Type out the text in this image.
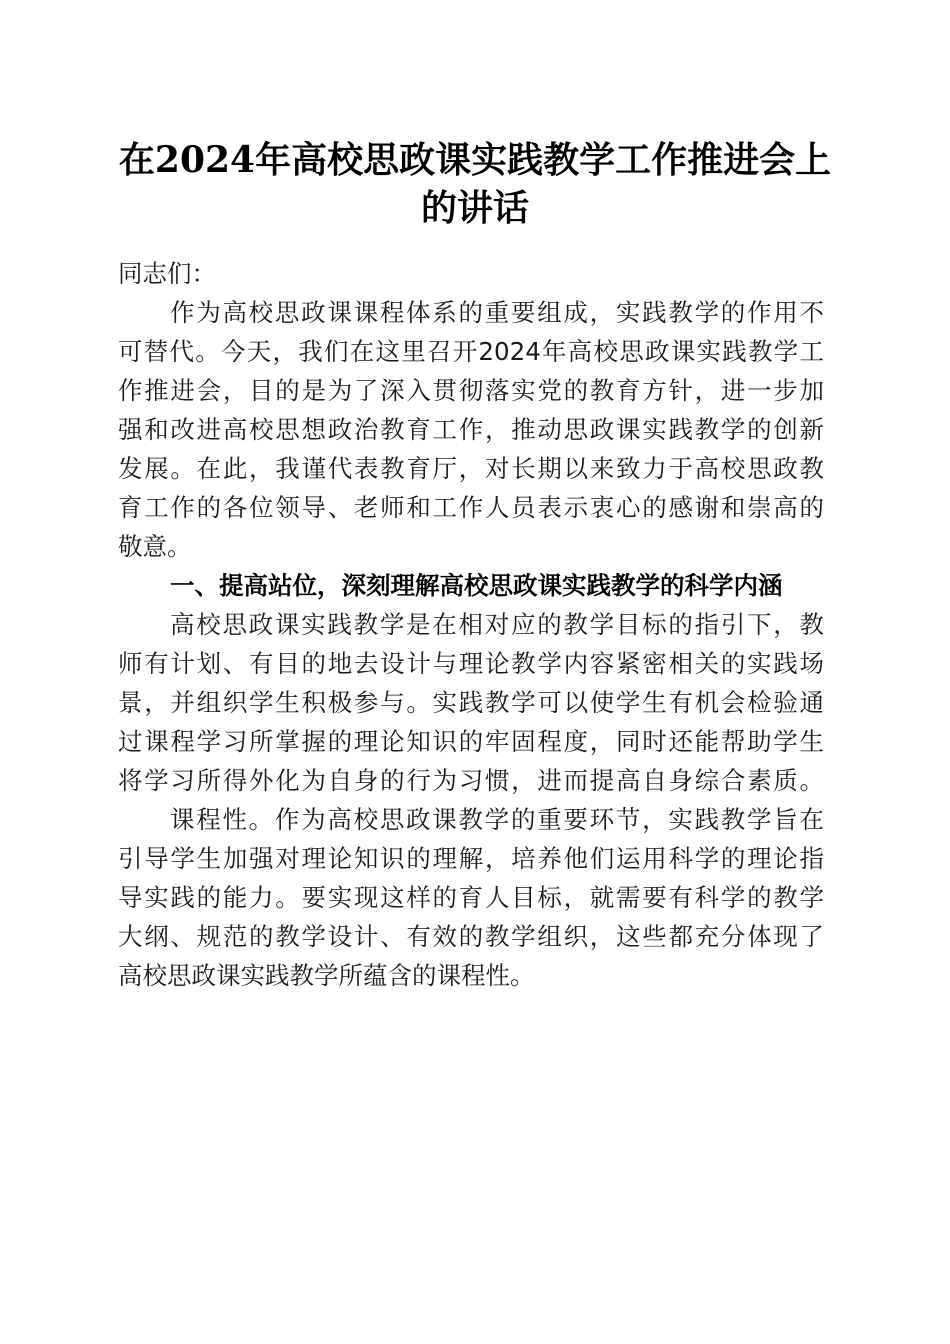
在2024年高校思政课实践教学工作推进会上
的讲话
同志们：
作为高校思政课课程体系的重要组成，实践教学的作用不
可替代。今天，我们在这里召开2024年高校思政课实践教学工
作推进会，目的是为了深入贯彻落实党的教育方针，进一步加
强和改进高校思想政治教育工作，推动思政课实践教学的创新
发展。在此，我谨代表教育厅，对长期以来致力于高校思政教
育工作的各位领导、老师和工作人员表示衷心的感谢和崇高的
敬意。
一、提高站位，深刻理解高校思政课实践教学的科学内涵
高校思政课实践教学是在相对应的教学目标的指引下，教
师有计划、有目的地去设计与理论教学内容紧密相关的实践场
景，并组织学生积极参与。实践教学可以使学生有机会检验通
过课程学习所掌握的理论知识的牢固程度，同时还能帮助学生
将学习所得外化为自身的行为习惯，进而提高自身综合素质。
课程性。作为高校思政课教学的重要环节，实践教学旨在
引导学生加强对理论知识的理解，培养他们运用科学的理论指
导实践的能力。要实现这样的育人目标，就需要有科学的教学
大纲、规范的教学设计、有效的教学组织，这些都充分体现了
高校思政课实践教学所蕴含的课程性。
